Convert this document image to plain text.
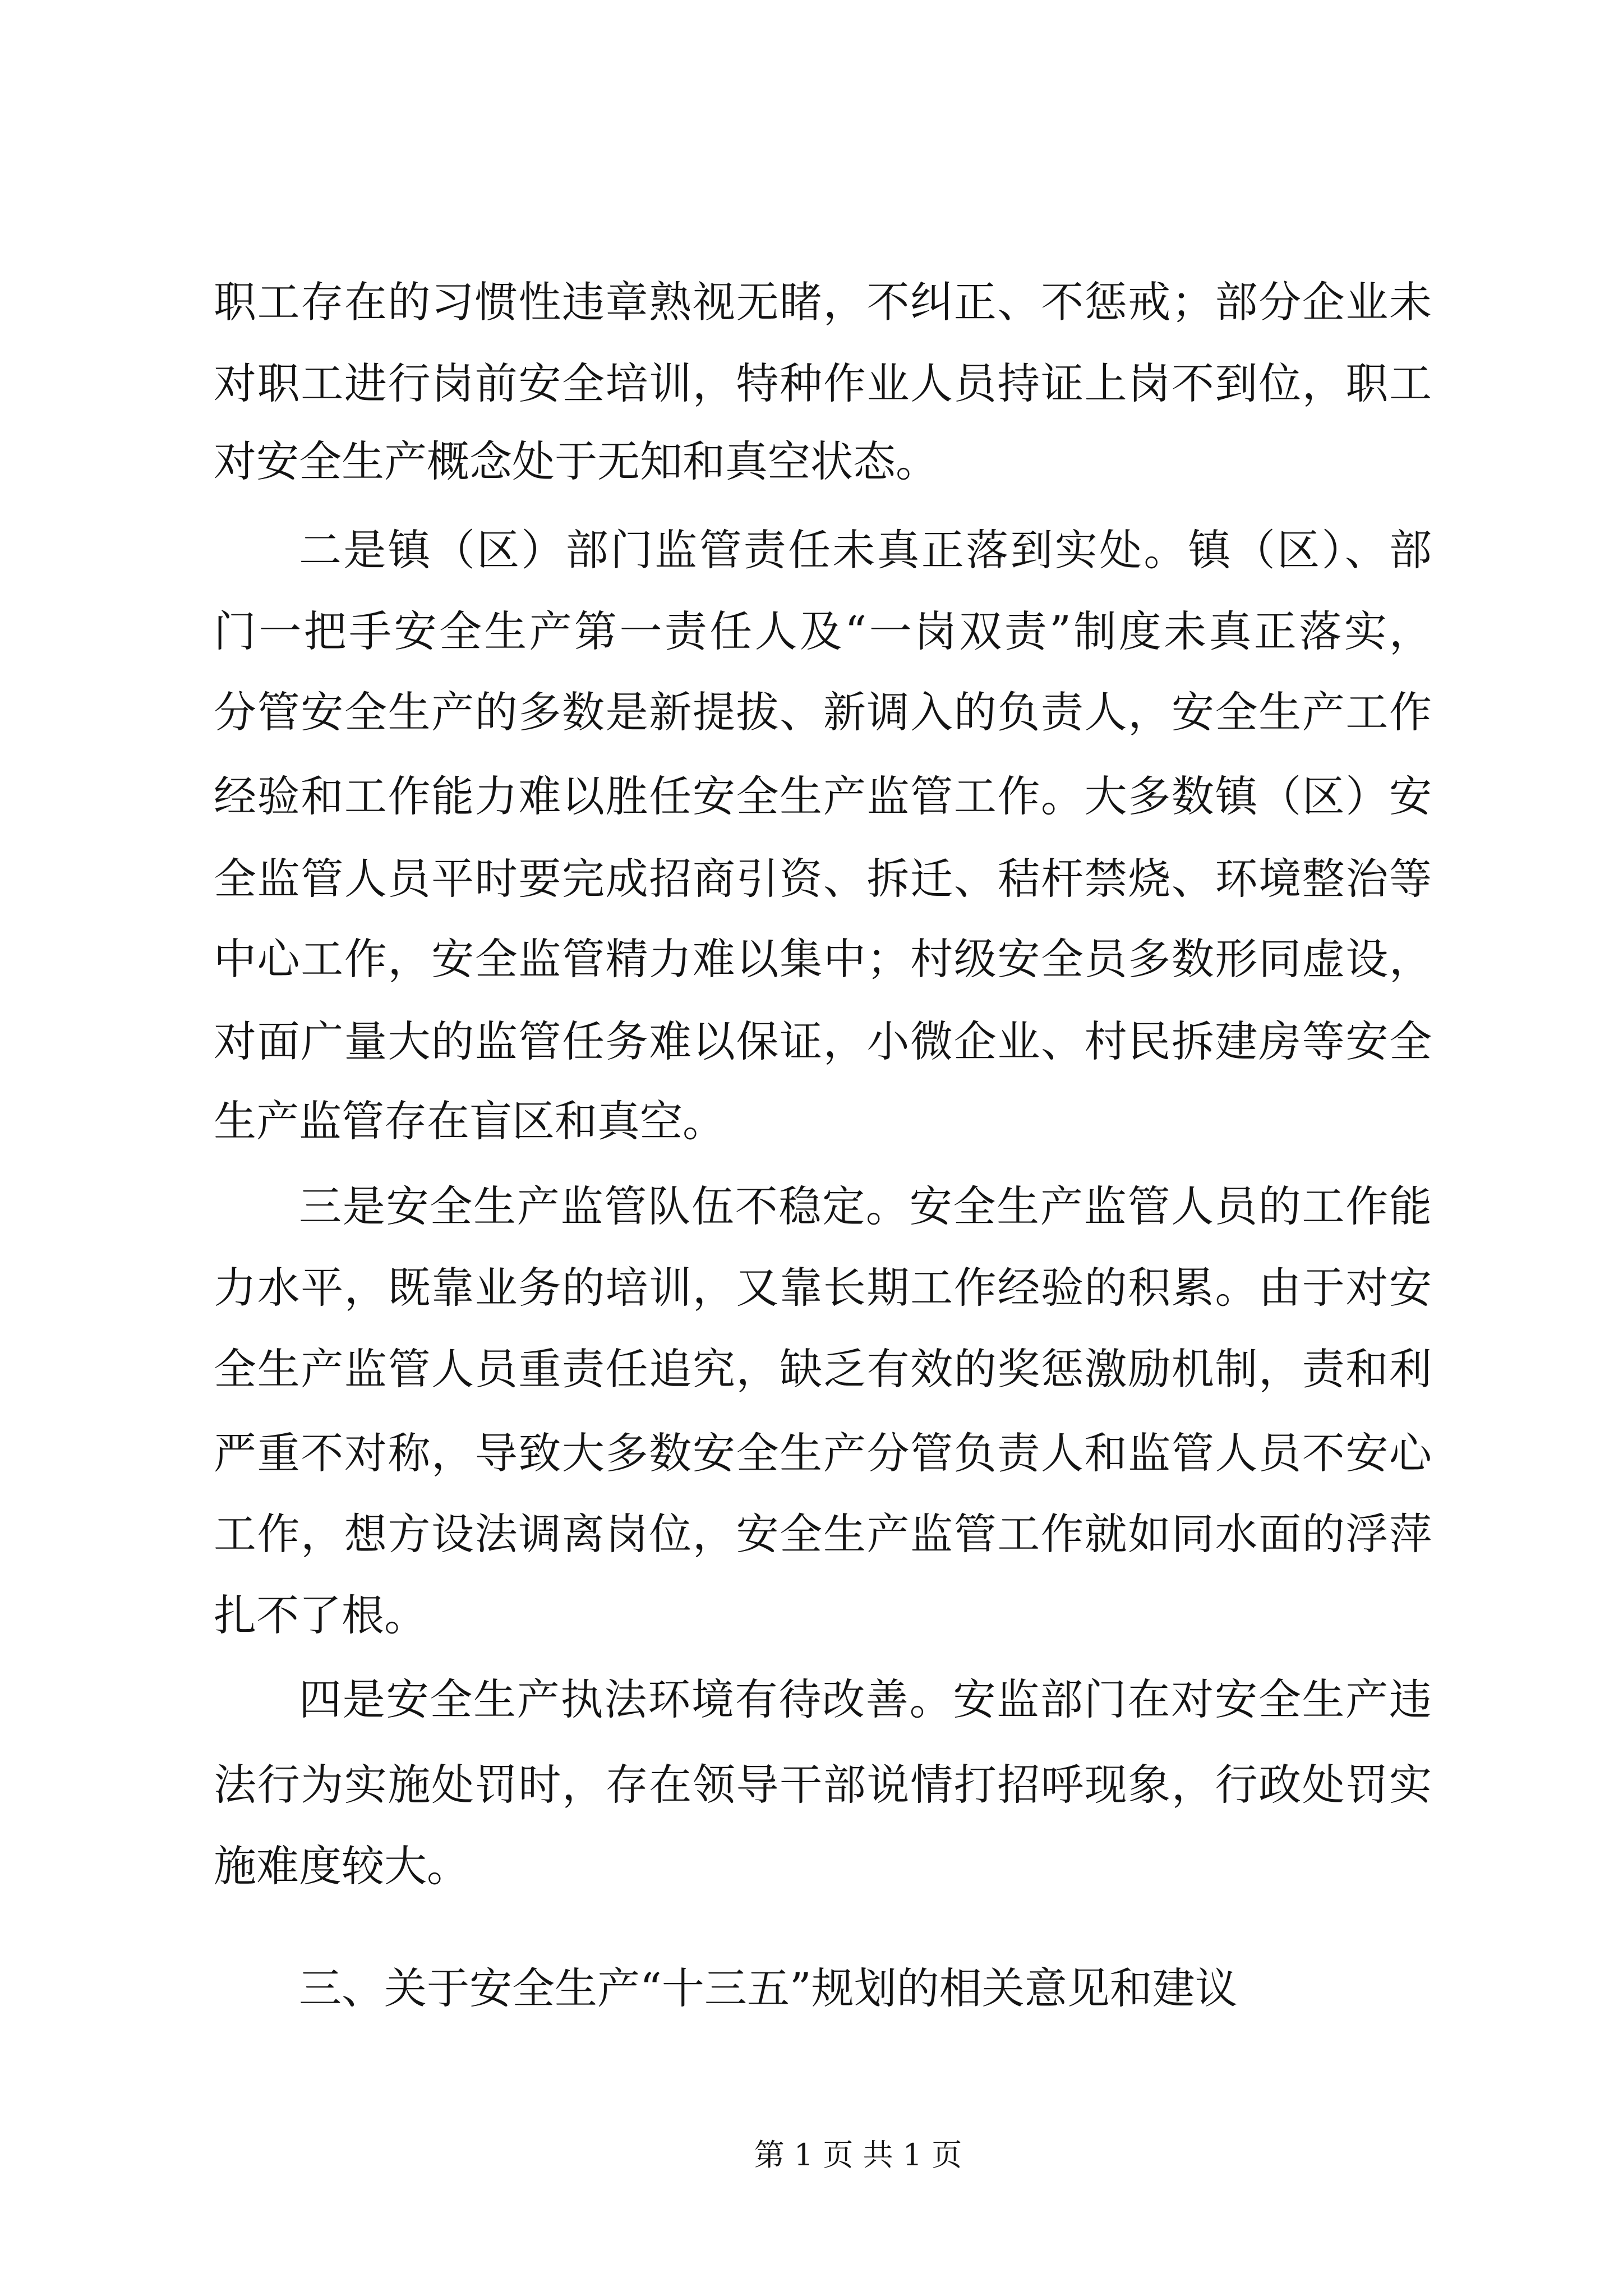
职工存在的习惯性违章熟视无睹，不纠正、不惩戒；部分企业未
对职工进行岗前安全培训，特种作业人员持证上岗不到位，职工
对安全生产概念处于无知和真空状态。
二是镇（区）部门监管责任未真正落到实处。镇（区）、部
门一把手安全生产第一责任人及“一岗双责”制度未真正落实，
分管安全生产的多数是新提拔、新调入的负责人，安全生产工作
经验和工作能力难以胜任安全生产监管工作。大多数镇（区）安
全监管人员平时要完成招商引资、拆迁、秸杆禁烧、环境整治等
中心工作，安全监管精力难以集中；村级安全员多数形同虚设，
对面广量大的监管任务难以保证，小微企业、村民拆建房等安全
生产监管存在盲区和真空。
三是安全生产监管队伍不稳定。安全生产监管人员的工作能
力水平，既靠业务的培训，又靠长期工作经验的积累。由于对安
全生产监管人员重责任追究，缺乏有效的奖惩激励机制，责和利
严重不对称，导致大多数安全生产分管负责人和监管人员不安心
工作，想方设法调离岗位，安全生产监管工作就如同水面的浮萍
扎不了根。
四是安全生产执法环境有待改善。安监部门在对安全生产违
法行为实施处罚时，存在领导干部说情打招呼现象，行政处罚实
施难度较大。
三、关于安全生产“十三五”规划的相关意见和建议
第 1 页 共 1 页
